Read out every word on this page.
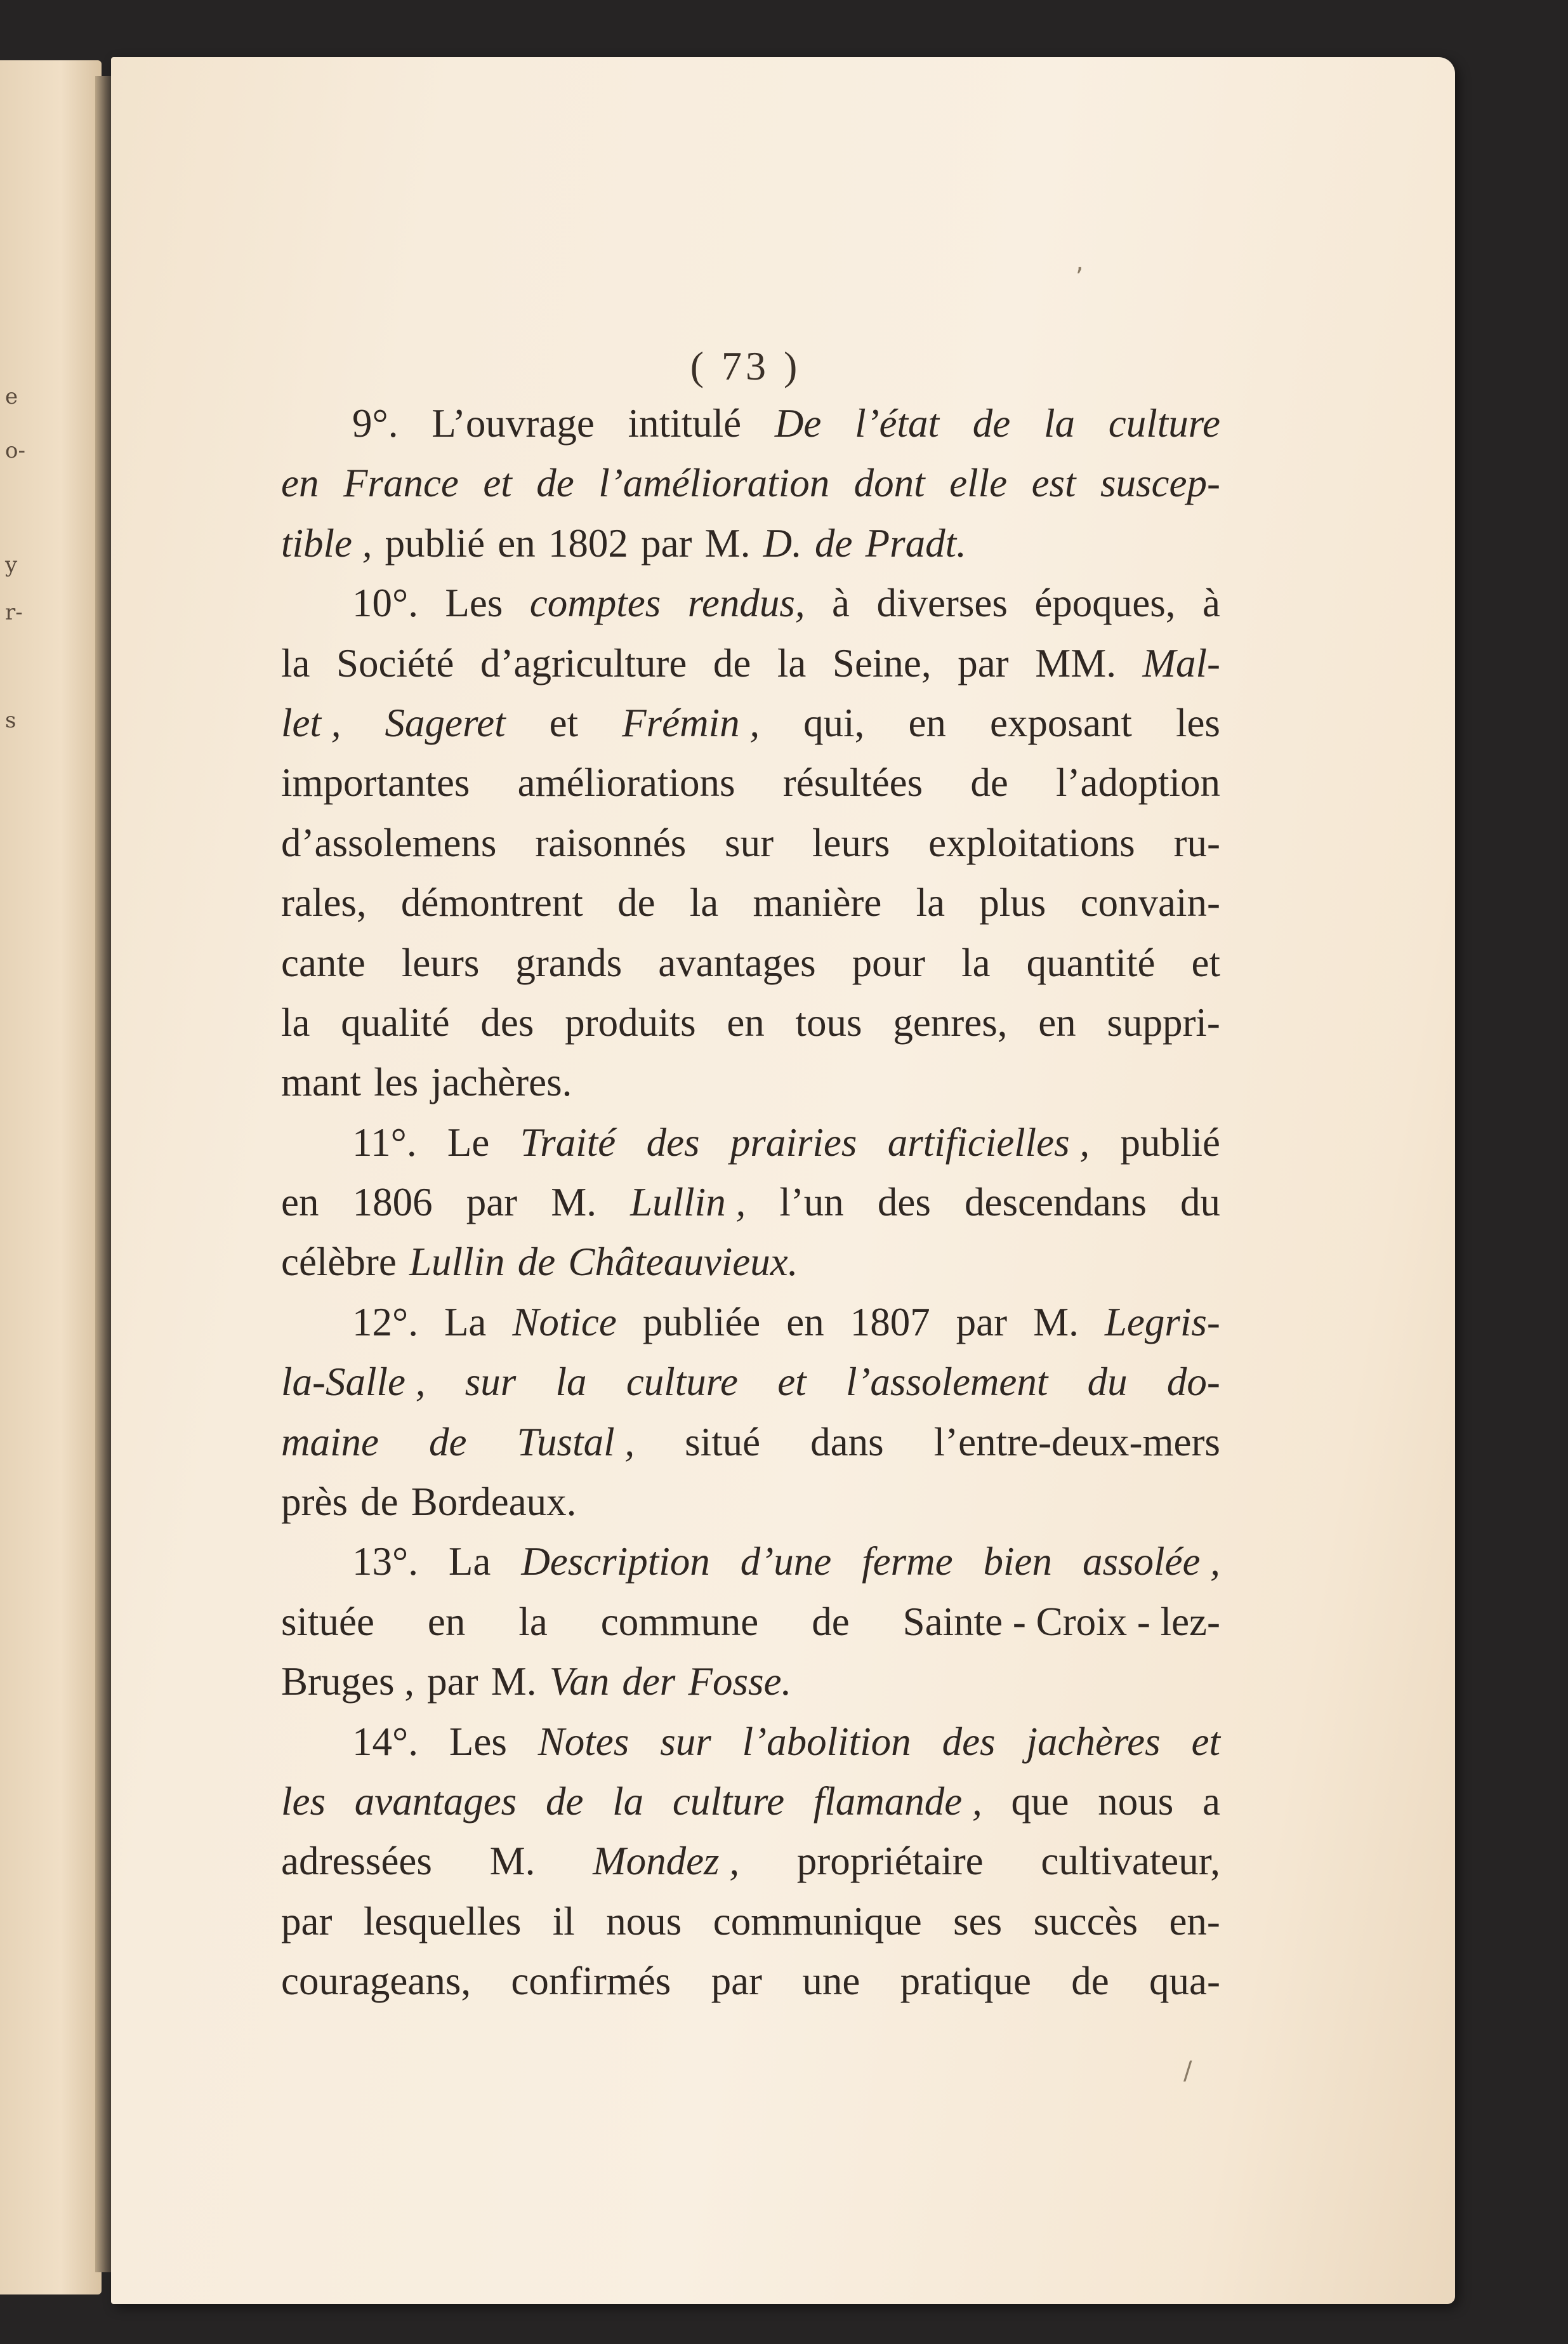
e
o-
y
r-
s
( 73 )
9°. L’ouvrage intitulé De l’état de la culture
en France et de l’amélioration dont elle est suscep-
tible , publié en 1802 par M. D. de Pradt.
10°. Les comptes rendus, à diverses époques, à
la Société d’agriculture de la Seine, par MM. Mal-
let , Sageret et Frémin , qui, en exposant les
importantes améliorations résultées de l’adoption
d’assolemens raisonnés sur leurs exploitations ru-
rales, démontrent de la manière la plus convain-
cante leurs grands avantages pour la quantité et
la qualité des produits en tous genres, en suppri-
mant les jachères.
11°. Le Traité des prairies artificielles , publié
en 1806 par M. Lullin , l’un des descendans du
célèbre Lullin de Châteauvieux.
12°. La Notice publiée en 1807 par M. Legris-
la-Salle , sur la culture et l’assolement du do-
maine de Tustal , situé dans l’entre-deux-mers
près de Bordeaux.
13°. La Description d’une ferme bien assolée ,
située en la commune de Sainte - Croix - lez-
Bruges , par M. Van der Fosse.
14°. Les Notes sur l’abolition des jachères et
les avantages de la culture flamande , que nous a
adressées M. Mondez , propriétaire cultivateur,
par lesquelles il nous communique ses succès en-
courageans, confirmés par une pratique de qua-
,
/
